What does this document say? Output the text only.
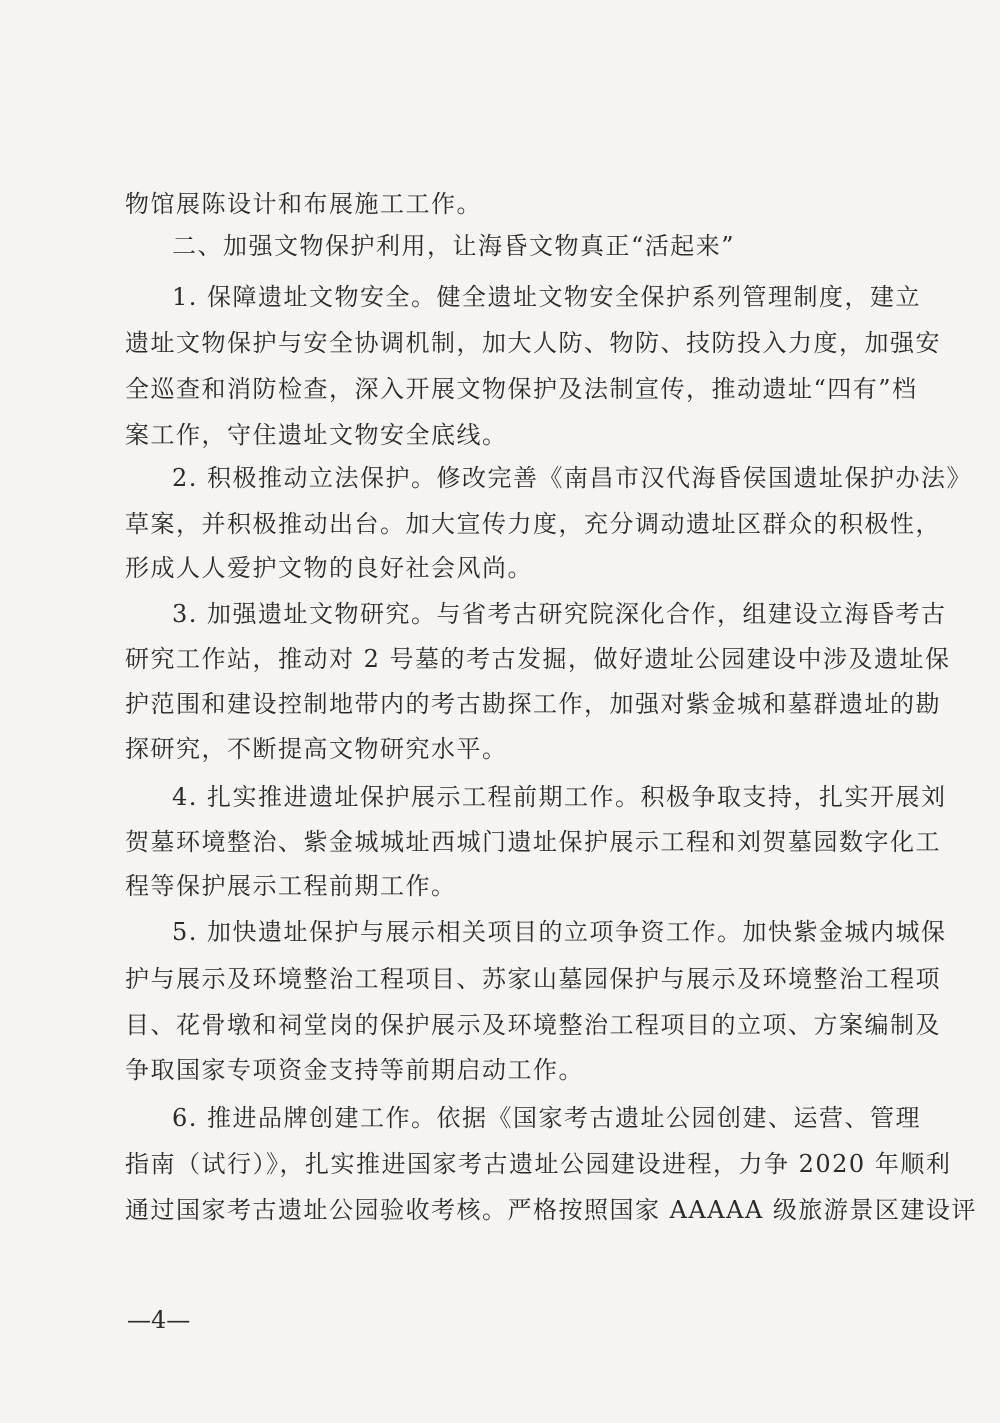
物馆展陈设计和布展施工工作。
二、加强文物保护利用，让海昏文物真正“活起来”
1. 保障遗址文物安全。健全遗址文物安全保护系列管理制度，建立
遗址文物保护与安全协调机制，加大人防、物防、技防投入力度，加强安
全巡查和消防检查，深入开展文物保护及法制宣传，推动遗址“四有”档
案工作，守住遗址文物安全底线。
2. 积极推动立法保护。修改完善《南昌市汉代海昏侯国遗址保护办法》
草案，并积极推动出台。加大宣传力度，充分调动遗址区群众的积极性，
形成人人爱护文物的良好社会风尚。
3. 加强遗址文物研究。与省考古研究院深化合作，组建设立海昏考古
研究工作站，推动对 2 号墓的考古发掘，做好遗址公园建设中涉及遗址保
护范围和建设控制地带内的考古勘探工作，加强对紫金城和墓群遗址的勘
探研究，不断提高文物研究水平。
4. 扎实推进遗址保护展示工程前期工作。积极争取支持，扎实开展刘
贺墓环境整治、紫金城城址西城门遗址保护展示工程和刘贺墓园数字化工
程等保护展示工程前期工作。
5. 加快遗址保护与展示相关项目的立项争资工作。加快紫金城内城保
护与展示及环境整治工程项目、苏家山墓园保护与展示及环境整治工程项
目、花骨墩和祠堂岗的保护展示及环境整治工程项目的立项、方案编制及
争取国家专项资金支持等前期启动工作。
6. 推进品牌创建工作。依据《国家考古遗址公园创建、运营、管理
指南（试行）》，扎实推进国家考古遗址公园建设进程，力争 2020 年顺利
通过国家考古遗址公园验收考核。严格按照国家 AAAAA 级旅游景区建设评
—4—
